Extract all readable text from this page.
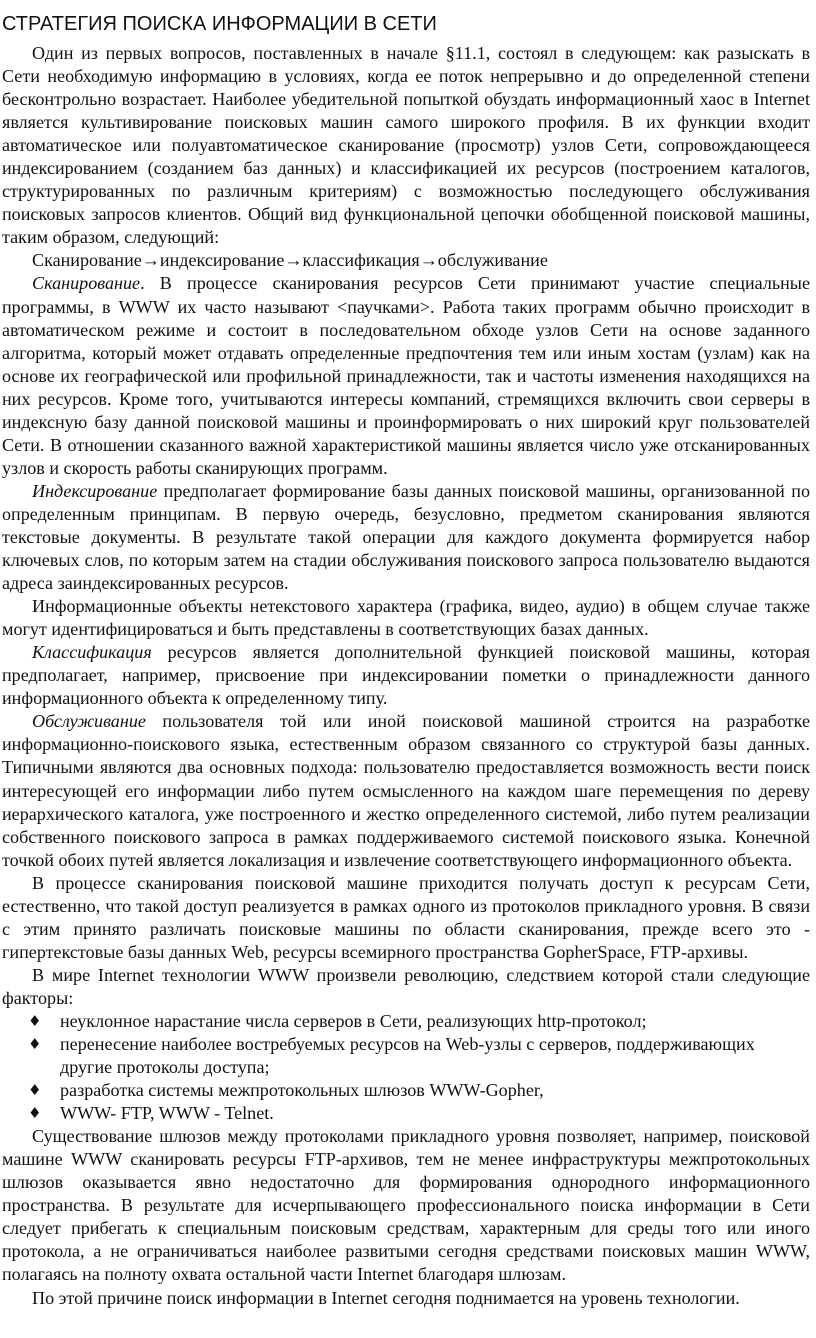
СТРАТЕГИЯ ПОИСКА ИНФОРМАЦИИ В СЕТИ

Один из первых вопросов, поставленных в начале §11.1, состоял в следующем: как разыскать в Сети необходимую информацию в условиях, когда ее поток непрерывно и до определенной степени бесконтрольно возрастает. Наиболее убедительной попыткой обуздать информационный хаос в Internet является культивирование поисковых машин самого широкого профиля. В их функции входит автоматическое или полуавтоматическое сканирование (просмотр) узлов Сети, сопровождающееся индексированием (созданием баз данных) и классификацией их ресурсов (построением каталогов, структурированных по различным критериям) с возможностью последующего обслуживания поисковых запросов клиентов. Общий вид функциональной цепочки обобщенной поисковой машины, таким образом, следующий:

Сканирование→индексирование→классификация→обслуживание

Сканирование. В процессе сканирования ресурсов Сети принимают участие специальные программы, в WWW их часто называют <паучками>. Работа таких программ обычно происходит в автоматическом режиме и состоит в последовательном обходе узлов Сети на основе заданного алгоритма, который может отдавать определенные предпочтения тем или иным хостам (узлам) как на основе их географической или профильной принадлежности, так и частоты изменения находящихся на них ресурсов. Кроме того, учитываются интересы компаний, стремящихся включить свои серверы в индексную базу данной поисковой машины и проинформировать о них широкий круг пользователей Сети. В отношении сказанного важной характеристикой машины является число уже отсканированных узлов и скорость работы сканирующих программ.

Индексирование предполагает формирование базы данных поисковой машины, организованной по определенным принципам. В первую очередь, безусловно, предметом сканирования являются текстовые документы. В результате такой операции для каждого документа формируется набор ключевых слов, по которым затем на стадии обслуживания поискового запроса пользователю выдаются адреса заиндексированных ресурсов.

Информационные объекты нетекстового характера (графика, видео, аудио) в общем случае также могут идентифицироваться и быть представлены в соответствующих базах данных.

Классификация ресурсов является дополнительной функцией поисковой машины, которая предполагает, например, присвоение при индексировании пометки о принадлежности данного информационного объекта к определенному типу.

Обслуживание пользователя той или иной поисковой машиной строится на разработке информационно-поискового языка, естественным образом связанного со структурой базы данных. Типичными являются два основных подхода: пользователю предоставляется возможность вести поиск интересующей его информации либо путем осмысленного на каждом шаге перемещения по дереву иерархического каталога, уже построенного и жестко определенного системой, либо путем реализации собственного поискового запроса в рамках поддерживаемого системой поискового языка. Конечной точкой обоих путей является локализация и извлечение соответствующего информационного объекта.

В процессе сканирования поисковой машине приходится получать доступ к ресурсам Сети, естественно, что такой доступ реализуется в рамках одного из протоколов прикладного уровня. В связи с этим принято различать поисковые машины по области сканирования, прежде всего это - гипертекстовые базы данных Web, ресурсы всемирного пространства GopherSpace, FTP-архивы.

В мире Internet технологии WWW произвели революцию, следствием которой стали следующие факторы:

♦ неуклонное нарастание числа серверов в Сети, реализующих http-протокол;
♦ перенесение наиболее востребуемых ресурсов на Web-узлы с серверов, поддерживающих другие протоколы доступа;
♦ разработка системы межпротокольных шлюзов WWW-Gopher,
♦ WWW- FTP, WWW - Telnet.

Существование шлюзов между протоколами прикладного уровня позволяет, например, поисковой машине WWW сканировать ресурсы FTP-архивов, тем не менее инфраструктуры межпротокольных шлюзов оказывается явно недостаточно для формирования однородного информационного пространства. В результате для исчерпывающего профессионального поиска информации в Сети следует прибегать к специальным поисковым средствам, характерным для среды того или иного протокола, а не ограничиваться наиболее развитыми сегодня средствами поисковых машин WWW, полагаясь на полноту охвата остальной части Internet благодаря шлюзам.

По этой причине поиск информации в Internet сегодня поднимается на уровень технологии.
